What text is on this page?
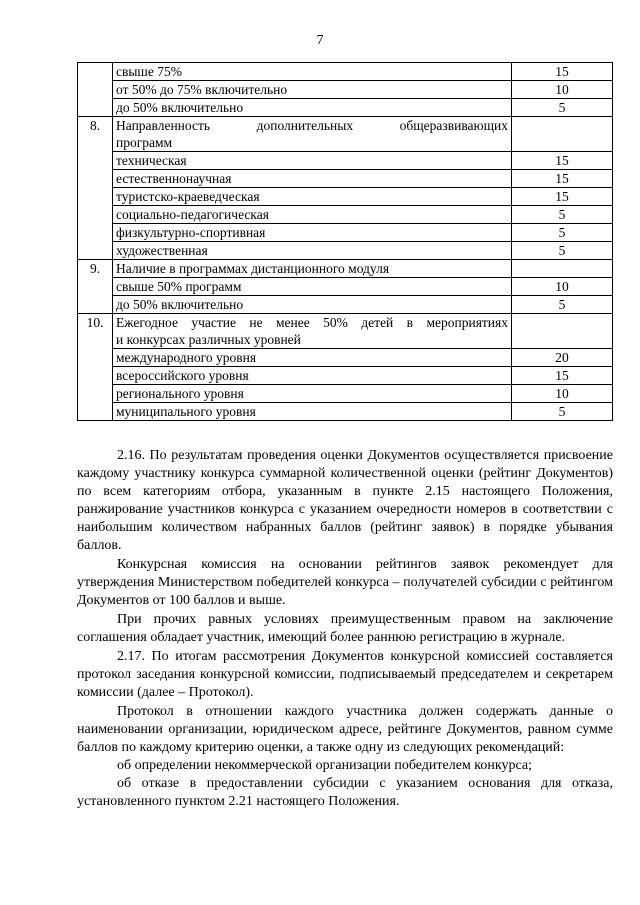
7
	свыше 75%	15
	от 50% до 75% включительно	10
	до 50% включительно	5
8.	Направленность дополнительных общеразвивающих
программ	

	техническая	15
	естественнонаучная	15
	туристско-краеведческая	15
	социально-педагогическая	5
	физкультурно-спортивная	5
	художественная	5
9.	Наличие в программах дистанционного модуля	
	свыше 50% программ	10
	до 50% включительно	5
10.	Ежегодное участие не менее 50% детей в мероприятиях
и конкурсах различных уровней	

	международного уровня	20
	всероссийского уровня	15
	регионального уровня	10
	муниципального уровня	5

2.16. По результатам проведения оценки Документов осуществляется присвоение каждому участнику конкурса суммарной количественной оценки (рейтинг Документов) по всем категориям отбора, указанным в пункте 2.15 настоящего Положения, ранжирование участников конкурса с указанием очередности номеров в соответствии с наибольшим количеством набранных баллов (рейтинг заявок) в порядке убывания баллов.

Конкурсная комиссия на основании рейтингов заявок рекомендует для утверждения Министерством победителей конкурса – получателей субсидии с рейтингом Документов от 100 баллов и выше.

При прочих равных условиях преимущественным правом на заключение соглашения обладает участник, имеющий более раннюю регистрацию в журнале.

2.17. По итогам рассмотрения Документов конкурсной комиссией составляется протокол заседания конкурсной комиссии, подписываемый председателем и секретарем комиссии (далее – Протокол).

Протокол в отношении каждого участника должен содержать данные о наименовании организации, юридическом адресе, рейтинге Документов, равном сумме баллов по каждому критерию оценки, а также одну из следующих рекомендаций:

об определении некоммерческой организации победителем конкурса;

об отказе в предоставлении субсидии с указанием основания для отказа, установленного пунктом 2.21 настоящего Положения.
